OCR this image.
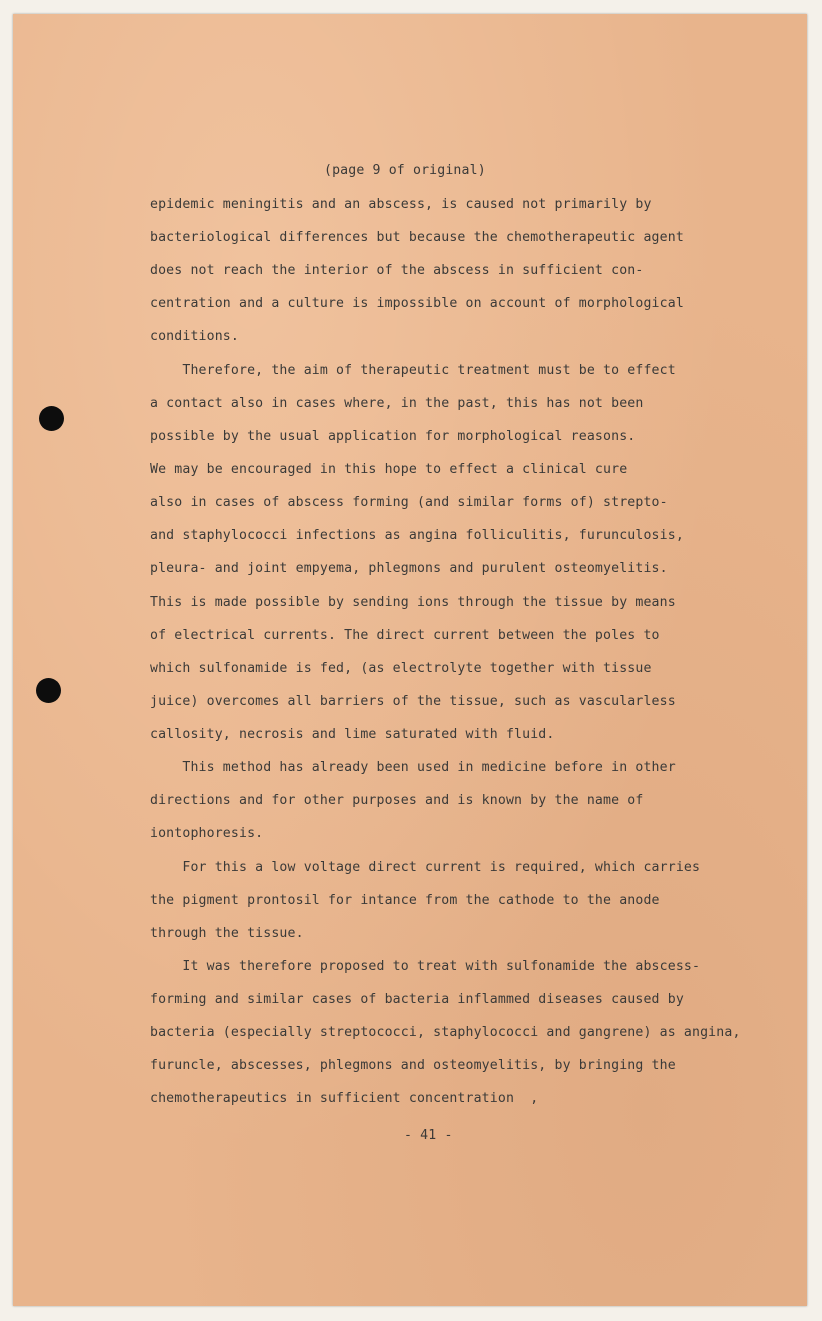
(page 9 of original)

epidemic meningitis and an abscess, is caused not primarily by

bacteriological differences but because the chemotherapeutic agent

does not reach the interior of the abscess in sufficient con-

centration and a culture is impossible on account of morphological

conditions.

Therefore, the aim of therapeutic treatment must be to effect

a contact also in cases where, in the past, this has not been

possible by the usual application for morphological reasons.

We may be encouraged in this hope to effect a clinical cure

also in cases of abscess forming (and similar forms of) strepto-

and staphylococci infections as angina folliculitis, furunculosis,

pleura- and joint empyema, phlegmons and purulent osteomyelitis.

This is made possible by sending ions through the tissue by means

of electrical currents. The direct current between the poles to

which sulfonamide is fed, (as electrolyte together with tissue

juice) overcomes all barriers of the tissue, such as vascularless

callosity, necrosis and lime saturated with fluid.

This method has already been used in medicine before in other

directions and for other purposes and is known by the name of

iontophoresis.

For this a low voltage direct current is required, which carries

the pigment prontosil for intance from the cathode to the anode

through the tissue.

It was therefore proposed to treat with sulfonamide the abscess-

forming and similar cases of bacteria inflammed diseases caused by

bacteria (especially streptococci, staphylococci and gangrene) as angina,

furuncle, abscesses, phlegmons and osteomyelitis, by bringing the

chemotherapeutics in sufficient concentration  ,

- 41 -
